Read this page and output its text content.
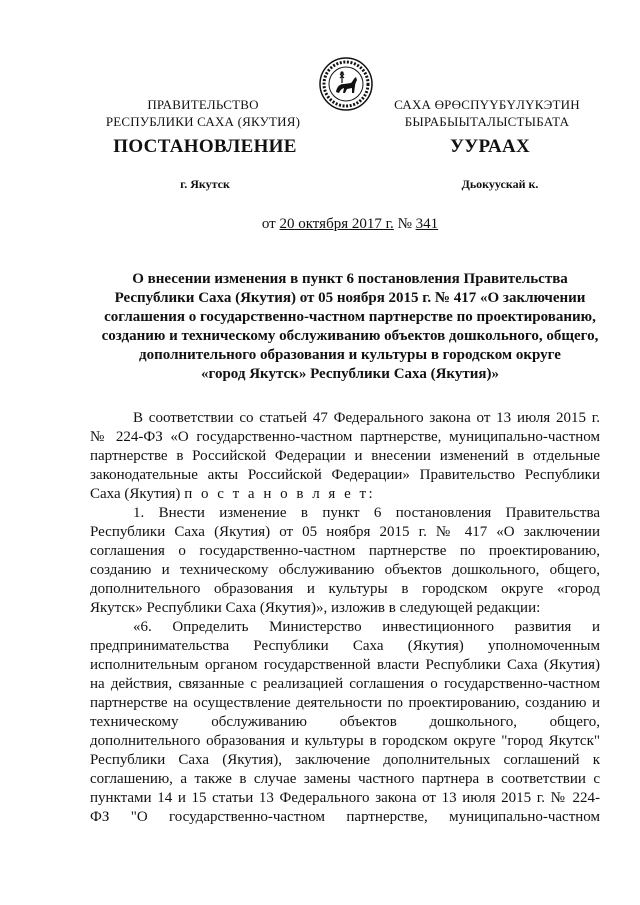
ПРАВИТЕЛЬСТВО
РЕСПУБЛИКИ САХА (ЯКУТИЯ)
САХА ӨРӨСПҮҮБҮЛҮКЭТИН
БЫРАБЫЫТАЛЫСТЫБАТА
ПОСТАНОВЛЕНИЕ	УУРААХ
г. Якутск	Дьокуускай к.
от 20 октября 2017 г. № 341
О внесении изменения в пункт 6 постановления Правительства
Республики Саха (Якутия) от 05 ноября 2015 г. № 417 «О заключении
соглашения о государственно-частном партнерстве по проектированию,
созданию и техническому обслуживанию объектов дошкольного, общего,
дополнительного образования и культуры в городском округе
«город Якутск» Республики Саха (Якутия)»
В соответствии со статьей 47 Федерального закона от 13 июля 2015 г.
№ 224-ФЗ «О государственно-частном партнерстве, муниципально-частном
партнерстве в Российской Федерации и внесении изменений в отдельные
законодательные акты Российской Федерации» Правительство Республики
Саха (Якутия) п о с т а н о в л я е т:
1. Внести изменение в пункт 6 постановления Правительства
Республики Саха (Якутия) от 05 ноября 2015 г. № 417 «О заключении
соглашения о государственно-частном партнерстве по проектированию,
созданию и техническому обслуживанию объектов дошкольного, общего,
дополнительного образования и культуры в городском округе «город
Якутск» Республики Саха (Якутия)», изложив в следующей редакции:
«6. Определить Министерство инвестиционного развития и
предпринимательства Республики Саха (Якутия) уполномоченным
исполнительным органом государственной власти Республики Саха (Якутия)
на действия, связанные с реализацией соглашения о государственно-частном
партнерстве на осуществление деятельности по проектированию, созданию и
техническому обслуживанию объектов дошкольного, общего,
дополнительного образования и культуры в городском округе "город Якутск"
Республики Саха (Якутия), заключение дополнительных соглашений к
соглашению, а также в случае замены частного партнера в соответствии с
пунктами 14 и 15 статьи 13 Федерального закона от 13 июля 2015 г. № 224-
ФЗ "О государственно-частном партнерстве, муниципально-частном
